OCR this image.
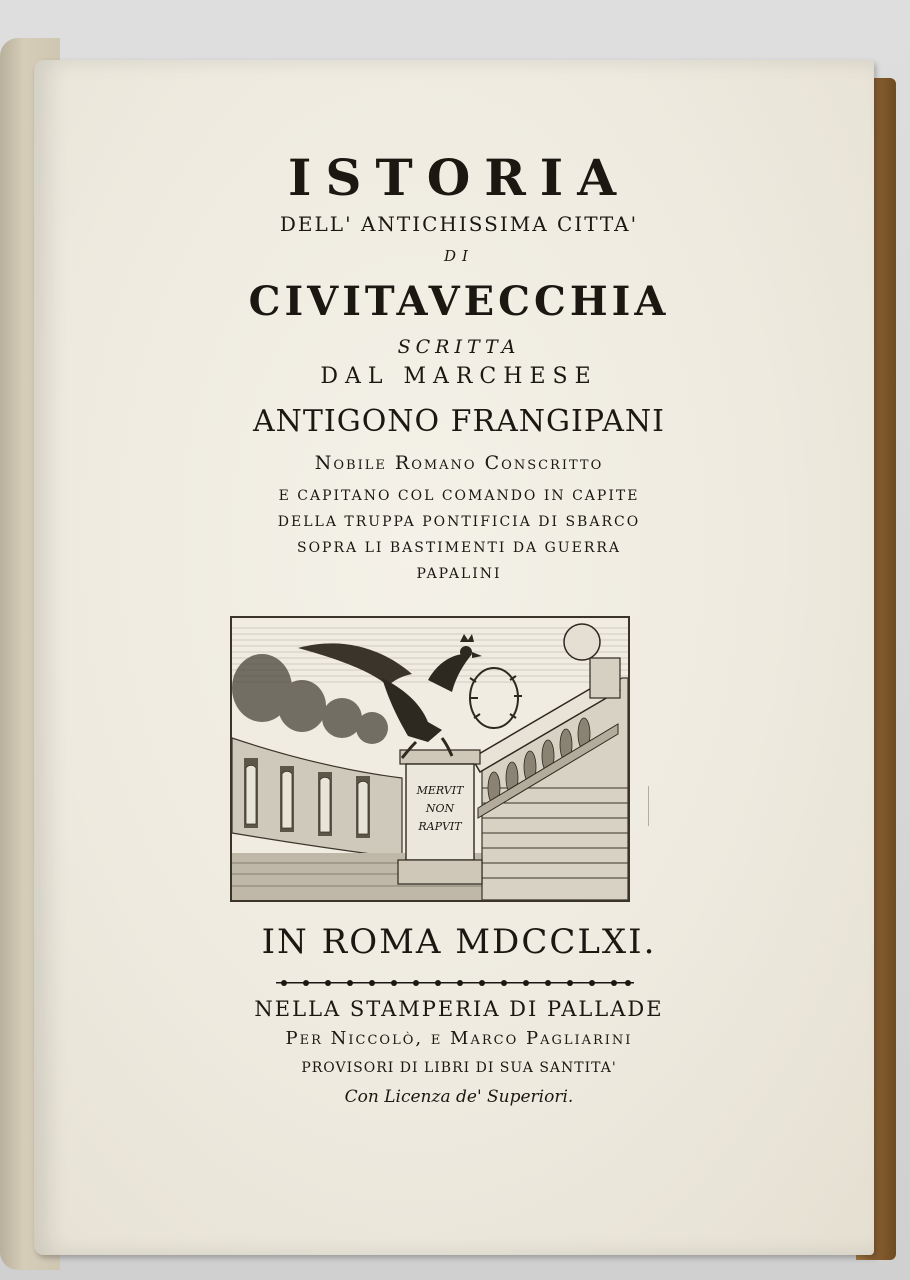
ISTORIA
DELL' ANTICHISSIMA CITTA'
DI
CIVITAVECCHIA
SCRITTA
DAL MARCHESE
ANTIGONO FRANGIPANI
Nobile Romano Conscritto
E CAPITANO COL COMANDO IN CAPITE
DELLA TRUPPA PONTIFICIA DI SBARCO
SOPRA LI BASTIMENTI DA GUERRA
PAPALINI
IN ROMA MDCCLXI.
NELLA STAMPERIA DI PALLADE
Per Niccolò, e Marco Pagliarini
PROVISORI DI LIBRI DI SUA SANTITA'
Con Licenza de' Superiori.
MERVIT
NON
RAPVIT
